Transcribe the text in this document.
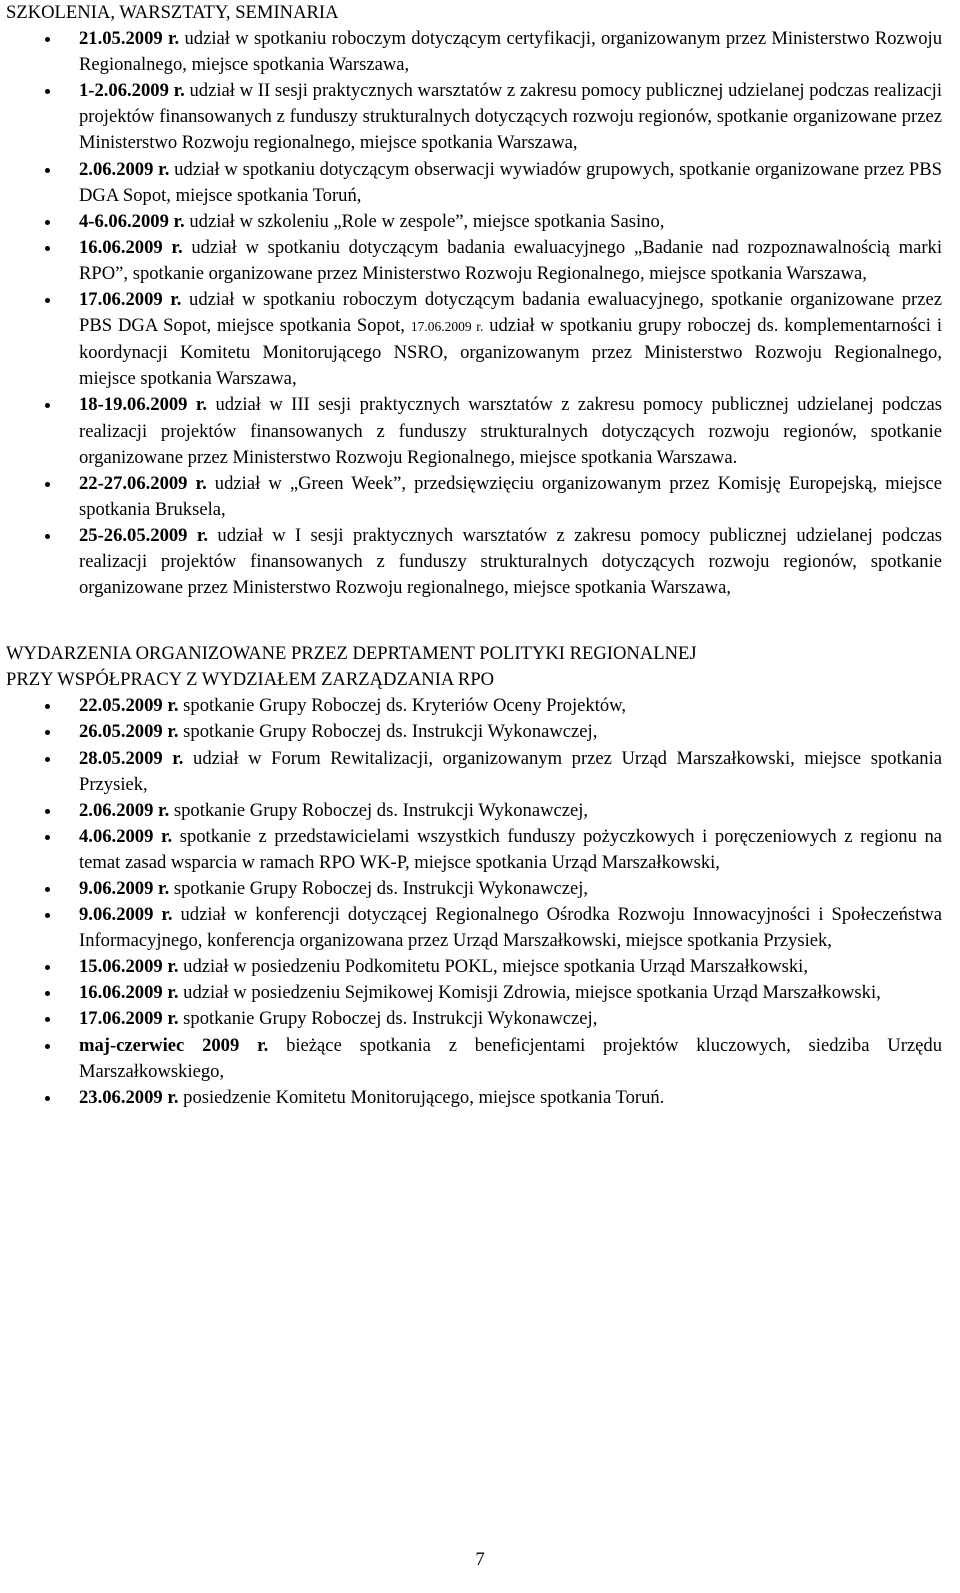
SZKOLENIA, WARSZTATY, SEMINARIA
21.05.2009 r. udział w spotkaniu roboczym dotyczącym certyfikacji, organizowanym przez Ministerstwo Rozwoju Regionalnego, miejsce spotkania Warszawa,
1-2.06.2009 r. udział w II sesji praktycznych warsztatów z zakresu pomocy publicznej udzielanej podczas realizacji projektów finansowanych z funduszy strukturalnych dotyczących rozwoju regionów, spotkanie organizowane przez Ministerstwo Rozwoju regionalnego, miejsce spotkania Warszawa,
2.06.2009 r. udział w spotkaniu dotyczącym obserwacji wywiadów grupowych, spotkanie organizowane przez PBS DGA Sopot, miejsce spotkania Toruń,
4-6.06.2009 r. udział w szkoleniu „Role w zespole”, miejsce spotkania Sasino,
16.06.2009 r. udział w spotkaniu dotyczącym badania ewaluacyjnego „Badanie nad rozpoznawalnością marki RPO”, spotkanie organizowane przez Ministerstwo Rozwoju Regionalnego, miejsce spotkania Warszawa,
17.06.2009 r. udział w spotkaniu roboczym dotyczącym badania ewaluacyjnego, spotkanie organizowane przez PBS DGA Sopot, miejsce spotkania Sopot, 17.06.2009 r. udział w spotkaniu grupy roboczej ds. komplementarności i koordynacji Komitetu Monitorującego NSRO, organizowanym przez Ministerstwo Rozwoju Regionalnego, miejsce spotkania Warszawa,
18-19.06.2009 r. udział w III sesji praktycznych warsztatów z zakresu pomocy publicznej udzielanej podczas realizacji projektów finansowanych z funduszy strukturalnych dotyczących rozwoju regionów, spotkanie organizowane przez Ministerstwo Rozwoju Regionalnego, miejsce spotkania Warszawa.
22-27.06.2009 r. udział w „Green Week”, przedsięwzięciu organizowanym przez Komisję Europejską, miejsce spotkania Bruksela,
25-26.05.2009 r. udział w I sesji praktycznych warsztatów z zakresu pomocy publicznej udzielanej podczas realizacji projektów finansowanych z funduszy strukturalnych dotyczących rozwoju regionów, spotkanie organizowane przez Ministerstwo Rozwoju regionalnego, miejsce spotkania Warszawa,
WYDARZENIA ORGANIZOWANE PRZEZ DEPRTAMENT POLITYKI REGIONALNEJ
PRZY WSPÓŁPRACY Z WYDZIAŁEM ZARZĄDZANIA RPO
22.05.2009 r. spotkanie Grupy Roboczej ds. Kryteriów Oceny Projektów,
26.05.2009 r. spotkanie Grupy Roboczej ds. Instrukcji Wykonawczej,
28.05.2009 r. udział w Forum Rewitalizacji, organizowanym przez Urząd Marszałkowski, miejsce spotkania Przysiek,
2.06.2009 r. spotkanie Grupy Roboczej ds. Instrukcji Wykonawczej,
4.06.2009 r. spotkanie z przedstawicielami wszystkich funduszy pożyczkowych i poręczeniowych z regionu na temat zasad wsparcia w ramach RPO WK-P, miejsce spotkania Urząd Marszałkowski,
9.06.2009 r. spotkanie Grupy Roboczej ds. Instrukcji Wykonawczej,
9.06.2009 r. udział w konferencji dotyczącej Regionalnego Ośrodka Rozwoju Innowacyjności i Społeczeństwa Informacyjnego, konferencja organizowana przez Urząd Marszałkowski, miejsce spotkania Przysiek,
15.06.2009 r. udział w posiedzeniu Podkomitetu POKL, miejsce spotkania Urząd Marszałkowski,
16.06.2009 r. udział w posiedzeniu Sejmikowej Komisji Zdrowia, miejsce spotkania Urząd Marszałkowski,
17.06.2009 r. spotkanie Grupy Roboczej ds. Instrukcji Wykonawczej,
maj-czerwiec 2009 r. bieżące spotkania z beneficjentami projektów kluczowych, siedziba Urzędu Marszałkowskiego,
23.06.2009 r. posiedzenie Komitetu Monitorującego, miejsce spotkania Toruń.
7
